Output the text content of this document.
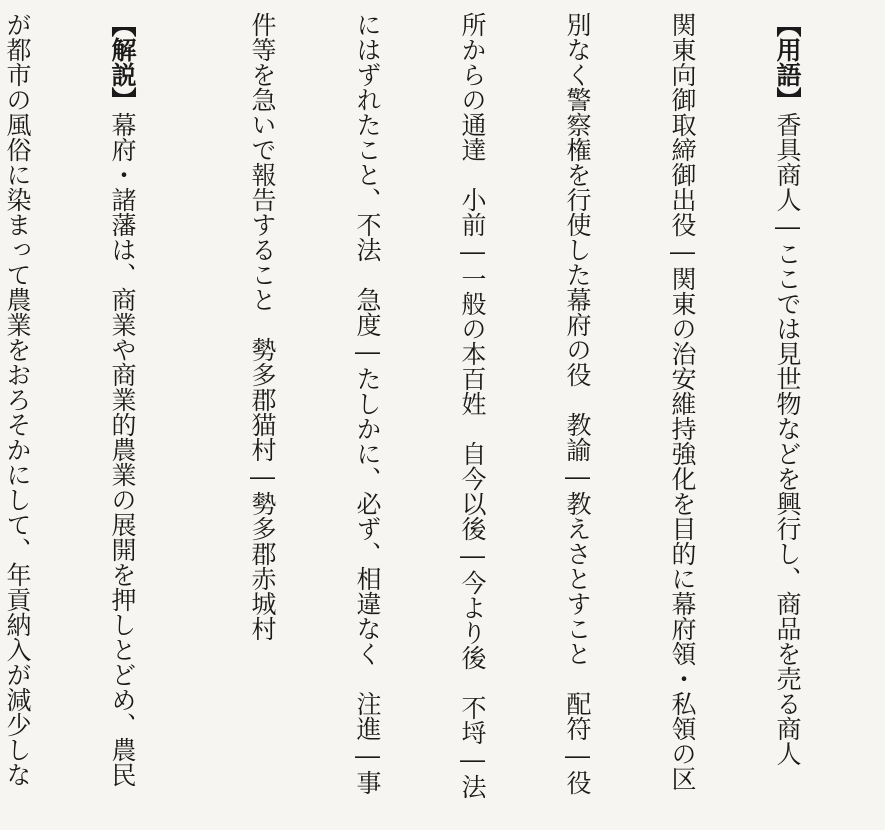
【用語】香具商人―ここでは見世物などを興行し、商品を売る商人

関東向御取締御出役―関東の治安維持強化を目的に幕府領・私領の区

別なく警察権を行使した幕府の役　教諭―教えさとすこと　配符―役

所からの通達　小前―一般の本百姓　自今以後―今より後　不埒―法

にはずれたこと、不法　急度―たしかに、必ず、相違なく　注進―事

件等を急いで報告すること　勢多郡猫村―勢多郡赤城村

【解説】幕府・諸藩は、商業や商業的農業の展開を押しとどめ、農民

が都市の風俗に染まって農業をおろそかにして、年貢納入が減少しな
